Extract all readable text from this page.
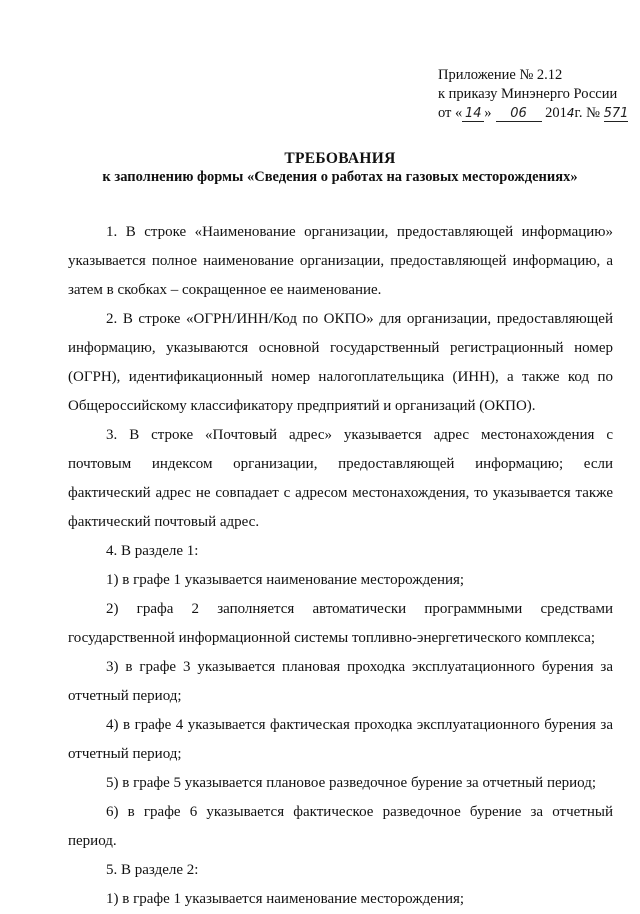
Приложение № 2.12
к приказу Минэнерго России
от « 14 » 06 2014г. № 571
ТРЕБОВАНИЯ
к заполнению формы «Сведения о работах на газовых месторождениях»

1. В строке «Наименование организации, предоставляющей информацию» указывается полное наименование организации, предоставляющей информацию, а затем в скобках – сокращенное ее наименование.

2. В строке «ОГРН/ИНН/Код по ОКПО» для организации, предоставляющей информацию, указываются основной государственный регистрационный номер (ОГРН), идентификационный номер налогоплательщика (ИНН), а также код по Общероссийскому классификатору предприятий и организаций (ОКПО).

3. В строке «Почтовый адрес» указывается адрес местонахождения с почтовым индексом организации, предоставляющей информацию; если фактический адрес не совпадает с адресом местонахождения, то указывается также фактический почтовый адрес.

4. В разделе 1:

1) в графе 1 указывается наименование месторождения;

2) графа 2 заполняется автоматически программными средствами государственной информационной системы топливно-энергетического комплекса;

3) в графе 3 указывается плановая проходка эксплуатационного бурения за отчетный период;

4) в графе 4 указывается фактическая проходка эксплуатационного бурения за отчетный период;

5) в графе 5 указывается плановое разведочное бурение за отчетный период;

6) в графе 6 указывается фактическое разведочное бурение за отчетный период.

5. В разделе 2:

1) в графе 1 указывается наименование месторождения;
